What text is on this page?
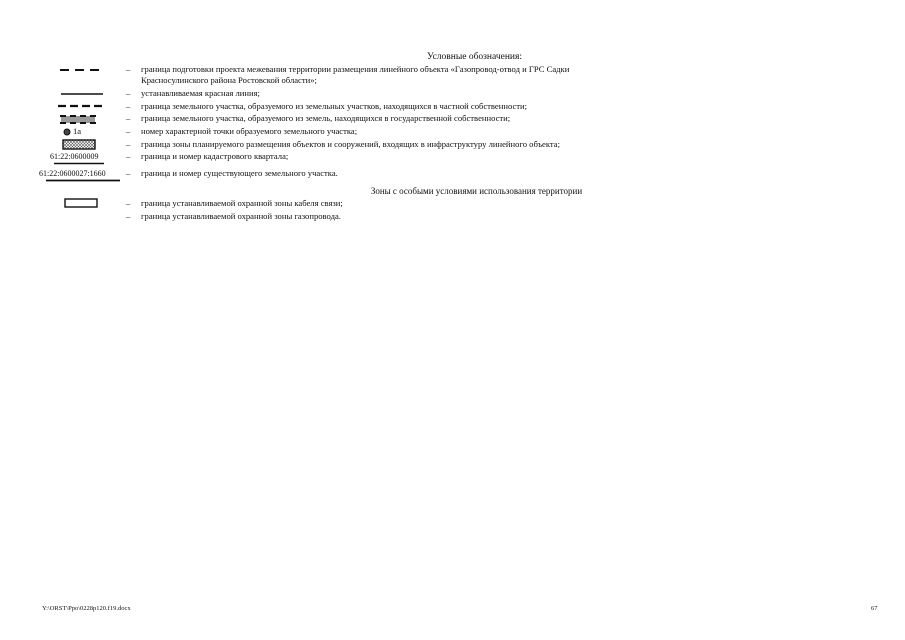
Условные обозначения:
– граница подготовки проекта межевания территории размещения линейного объекта «Газопровод-отвод и ГРС Садки
Красносулинского района Ростовской области»;
– устанавливаемая красная линия;
– граница земельного участка, образуемого из земельных участков, находящихся в частной собственности;
– граница земельного участка, образуемого из земель, находящихся в государственной собственности;
1а	– номер характерной точки образуемого земельного участка;
– граница зоны планируемого размещения объектов и сооружений, входящих в инфраструктуру линейного объекта;
61:22:0600009	– граница и номер кадастрового квартала;
61:22:0600027:1660 – граница и номер существующего земельного участка.
Зоны с особыми условиями использования территории
– граница устанавливаемой охранной зоны кабеля связи;
– граница устанавливаемой охранной зоны газопровода.
Y:\ORST\Ppo\0228p120.f19.docx	67
